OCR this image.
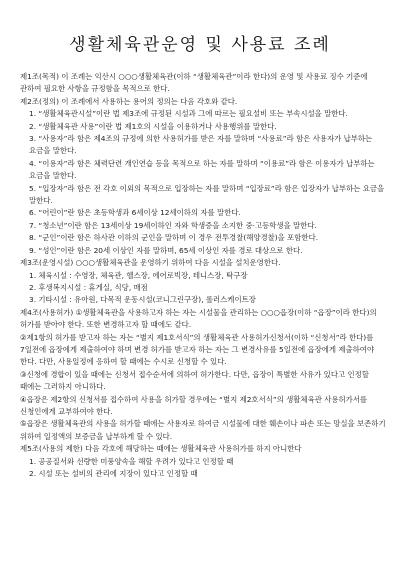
생활체육관운영 및 사용료 조례

제1조(목적) 이 조례는 익산시 ○○○생활체육관(이하 “생활체육관”이라 한다)의 운영 및 사용료 징수 기준에 관하여 필요한 사항을 규정함을 목적으로 한다.

제2조(정의) 이 조례에서 사용하는 용어의 정의는 다음 각호와 같다.

1. “생활체육관시설”이란 법 제3조에 규정된 시설과 그에 따르는 필요설비 또는 부속시설을 말한다.

2. “생활체육관 사용”이란 법 제1호의 시설을 이용하거나 사용행위를 말한다.

3. “사용자”라 함은 제4조의 규정에 의한 사용허가를 받은 자를 말하며 “사용료”라 함은 사용자가 납부하는 요금을 말한다.

4. “이용자”라 함은 체력단련 개인연습 등을 목적으로 하는 자를 말하며 “이용료”라 함은 이용자가 납부하는 요금을 말한다.

5. “입장자”라 함은 전 각호 이외의 목적으로 입장하는 자를 말하며 “입장료”라 함은 입장자가 납부하는 요금을 말한다.

6. “어린이”란 함은 초등학생과 6세이상 12세이하의 자를 말한다.

7. “청소년”이란 함은 13세이상 19세이하인 자와 학생증을 소지한 중·고등학생을 말한다.

8. “군인”이란 함은 하사관 이하의 군인을 말하며 이 경우 전투경찰(해양경찰)을 포함한다.

9. “성인”이란 함은 20세 이상인 자를 말하며, 65세 이상인 자를 경로 대상으로 한다.

제3조(운영시설) ○○○생활체육관을 운영하기 위하여 다음 시설을 설치운영한다.

1. 체육시설 : 수영장, 체육관, 헬스장, 에어로빅장, 테니스장, 탁구장

2. 후생복지시설 : 휴게실, 식당, 매점

3. 기타시설 : 유아원, 다목적 운동시설(코니그린구장), 롤러스케이트장

제4조(사용허가) ①생활체육관을 사용하고자 하는 자는 시설물을 관리하는 ○○○읍장(이하 “읍장”이라 한다)의 허가를 받아야 한다. 또한 변경하고자 할 때에도 같다.

②제1항의 허가를 받고자 하는 자는 “별지 제1호서식”의 생활체육관 사용허가신청서(이하 “신청서”라 한다)를 7일전에 읍장에게 제출하여야 하며 변경 허가를 받고자 하는 자는 그 변경사유를 5일전에 읍장에게 제출하여야 한다. 다만, 사용일정에 응하여 할 때에는 수시로 신청할 수 있다.

③신청에 경합이 있을 때에는 신청서 접수순서에 의하여 허가한다. 다만, 읍장이 특별한 사유가 있다고 인정할 때에는 그러하지 아니하다.

④읍장은 제2항의 신청서를 접수하여 사용을 허가할 경우에는 “별지 제2호서식”의 생활체육관 사용허가서를 신청인에게 교부하여야 한다.

⑤읍장은 생활체육관의 사용을 허가할 때에는 사용자로 하여금 시설물에 대한 훼손이나 파손 또는 망실을 보존하기 위하여 일정액의 보증금을 납부하게 할 수 있다.

제5조(사용의 제한) 다음 각호에 해당하는 때에는 생활체육관 사용허가를 하지 아니한다

1. 공공질서와 선량한 미풍양속을 해할 우려가 있다고 인정할 때

2. 시설 또는 설비의 관리에 지장이 있다고 인정할 때
